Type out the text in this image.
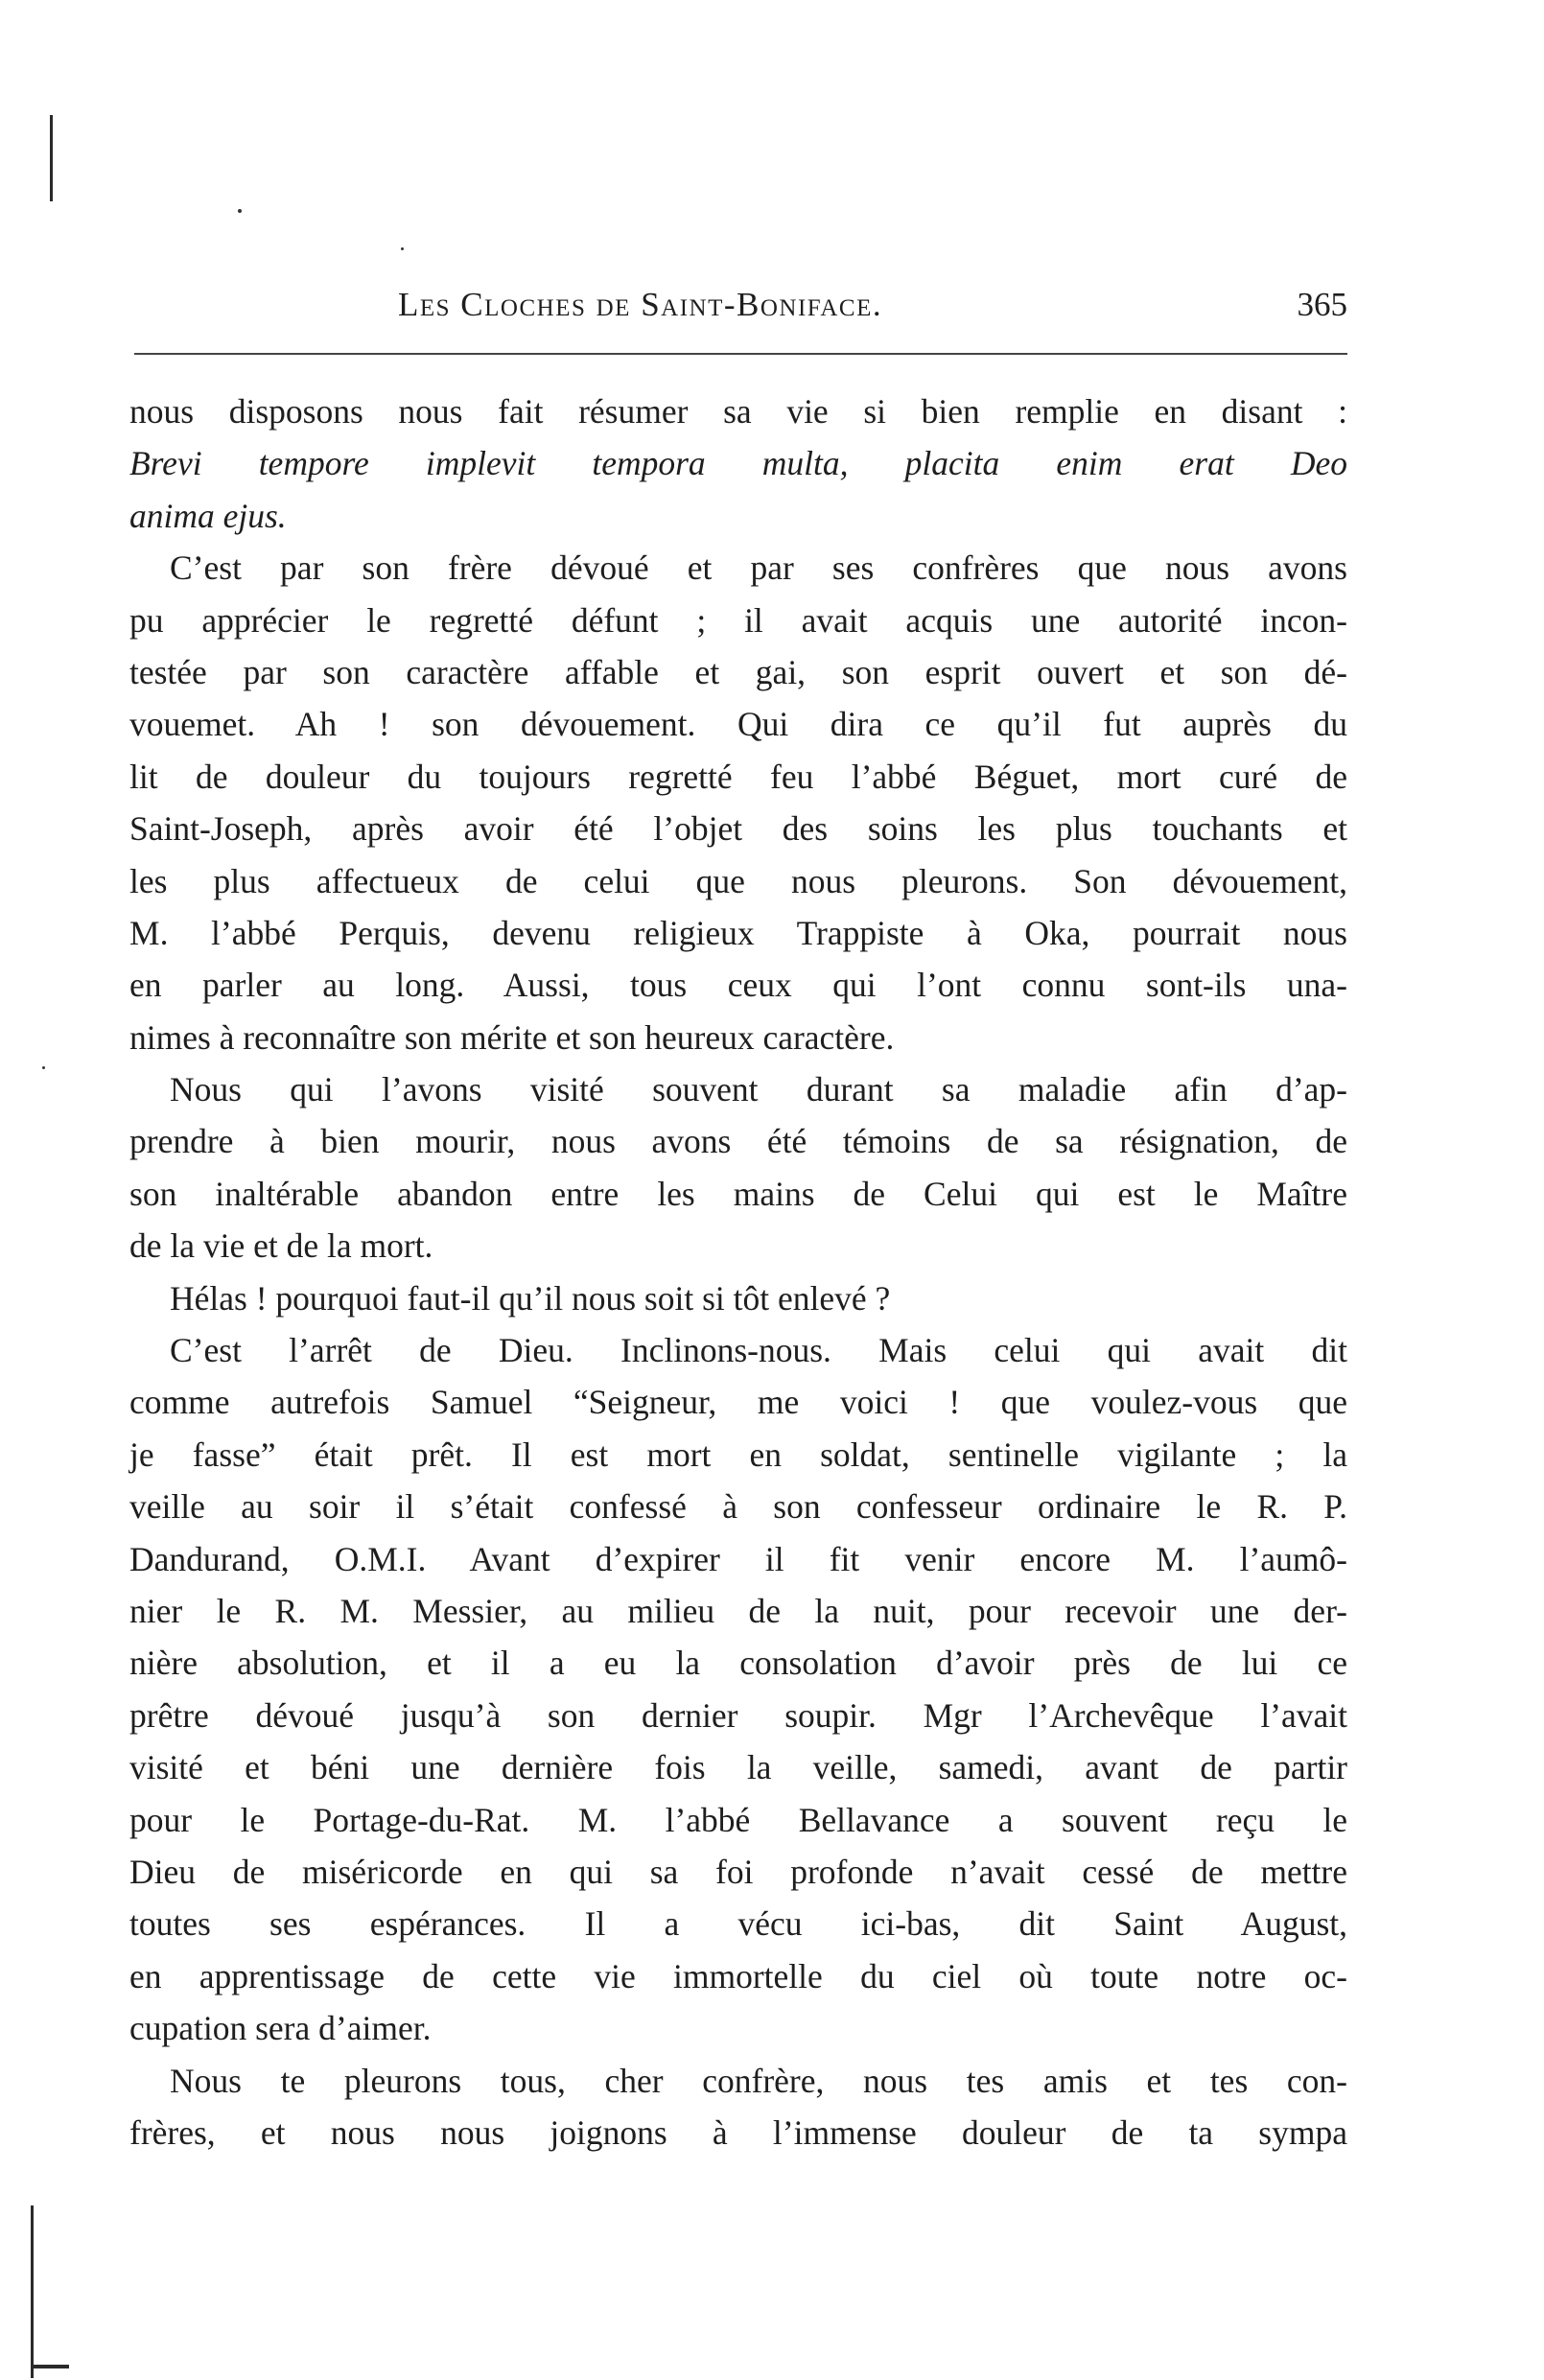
Les Cloches de Saint-Boniface.	365
nous disposons nous fait résumer sa vie si bien remplie en disant :
Brevi tempore implevit tempora multa, placita enim erat Deo
anima ejus.
C’est par son frère dévoué et par ses confrères que nous avons
pu apprécier le regretté défunt ; il avait acquis une autorité incon-
testée par son caractère affable et gai, son esprit ouvert et son dé-
vouemet. Ah ! son dévouement. Qui dira ce qu’il fut auprès du
lit de douleur du toujours regretté feu l’abbé Béguet, mort curé de
Saint-Joseph, après avoir été l’objet des soins les plus touchants et
les plus affectueux de celui que nous pleurons. Son dévouement,
M. l’abbé Perquis, devenu religieux Trappiste à Oka, pourrait nous
en parler au long. Aussi, tous ceux qui l’ont connu sont-ils una-
nimes à reconnaître son mérite et son heureux caractère.
Nous qui l’avons visité souvent durant sa maladie afin d’ap-
prendre à bien mourir, nous avons été témoins de sa résignation, de
son inaltérable abandon entre les mains de Celui qui est le Maître
de la vie et de la mort.
Hélas ! pourquoi faut-il qu’il nous soit si tôt enlevé ?
C’est l’arrêt de Dieu. Inclinons-nous. Mais celui qui avait dit
comme autrefois Samuel “Seigneur, me voici ! que voulez-vous que
je fasse” était prêt. Il est mort en soldat, sentinelle vigilante ; la
veille au soir il s’était confessé à son confesseur ordinaire le R. P.
Dandurand, O.M.I. Avant d’expirer il fit venir encore M. l’aumô-
nier le R. M. Messier, au milieu de la nuit, pour recevoir une der-
nière absolution, et il a eu la consolation d’avoir près de lui ce
prêtre dévoué jusqu’à son dernier soupir. Mgr l’Archevêque l’avait
visité et béni une dernière fois la veille, samedi, avant de partir
pour le Portage-du-Rat. M. l’abbé Bellavance a souvent reçu le
Dieu de miséricorde en qui sa foi profonde n’avait cessé de mettre
toutes ses espérances. Il a vécu ici-bas, dit Saint August,
en apprentissage de cette vie immortelle du ciel où toute notre oc-
cupation sera d’aimer.
Nous te pleurons tous, cher confrère, nous tes amis et tes con-
frères, et nous nous joignons à l’immense douleur de ta sympa
